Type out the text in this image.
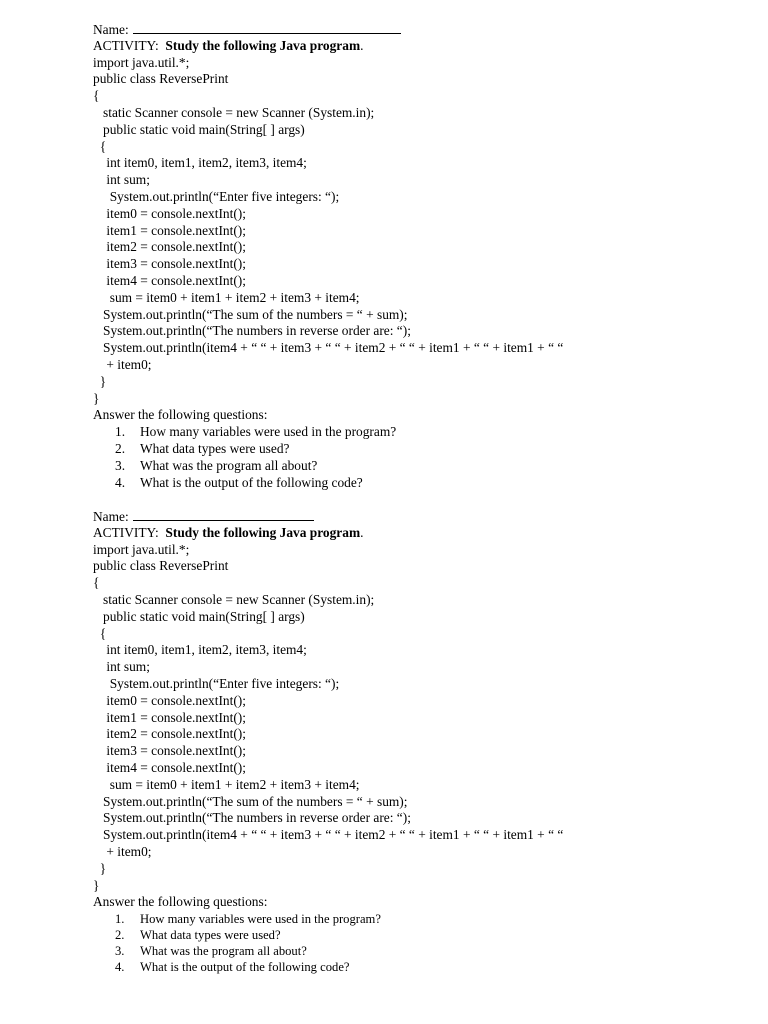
Name:
ACTIVITY: Study the following Java program.
import java.util.*;
public class ReversePrint
{
static Scanner console = new Scanner (System.in);
public static void main(String[ ] args)
{
int item0, item1, item2, item3, item4;
int sum;
System.out.println(“Enter five integers: “);
item0 = console.nextInt();
item1 = console.nextInt();
item2 = console.nextInt();
item3 = console.nextInt();
item4 = console.nextInt();
sum = item0 + item1 + item2 + item3 + item4;
System.out.println(“The sum of the numbers = “ + sum);
System.out.println(“The numbers in reverse order are: “);
System.out.println(item4 + “ “ + item3 + “ “ + item2 + “ “ + item1 + “ “ + item1 + “ “
+ item0;
}
}
Answer the following questions:
1. How many variables were used in the program?
2. What data types were used?
3. What was the program all about?
4. What is the output of the following code?
Name:
ACTIVITY: Study the following Java program.
import java.util.*;
public class ReversePrint
{
static Scanner console = new Scanner (System.in);
public static void main(String[ ] args)
{
int item0, item1, item2, item3, item4;
int sum;
System.out.println(“Enter five integers: “);
item0 = console.nextInt();
item1 = console.nextInt();
item2 = console.nextInt();
item3 = console.nextInt();
item4 = console.nextInt();
sum = item0 + item1 + item2 + item3 + item4;
System.out.println(“The sum of the numbers = “ + sum);
System.out.println(“The numbers in reverse order are: “);
System.out.println(item4 + “ “ + item3 + “ “ + item2 + “ “ + item1 + “ “ + item1 + “ “
+ item0;
}
}
Answer the following questions:
1. How many variables were used in the program?
2. What data types were used?
3. What was the program all about?
4. What is the output of the following code?
